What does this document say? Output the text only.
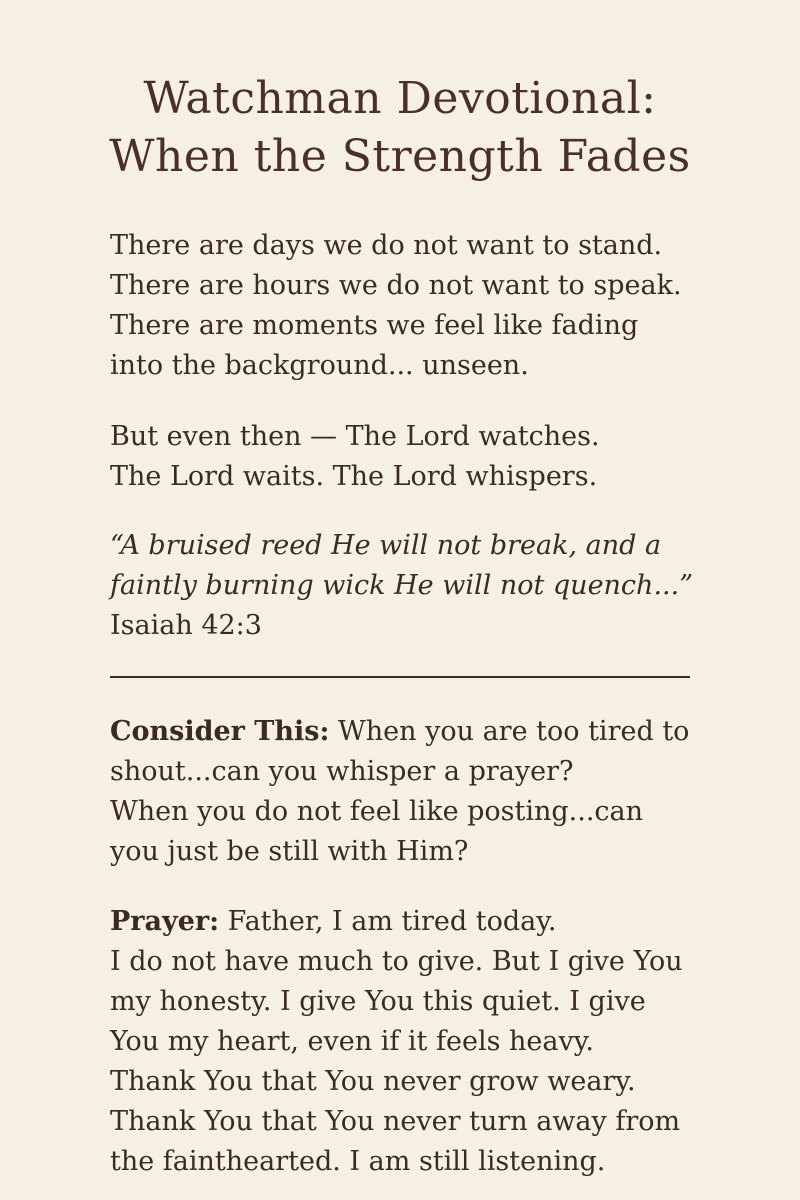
Watchman Devotional:
When the Strength Fades
There are days we do not want to stand.
There are hours we do not want to speak.
There are moments we feel like fading
into the background... unseen.
But even then — The Lord watches.
The Lord waits. The Lord whispers.
“A bruised reed He will not break, and a
faintly burning wick He will not quench...”
Isaiah 42:3
Consider This: When you are too tired to
shout...can you whisper a prayer?
When you do not feel like posting...can
you just be still with Him?
Prayer: Father, I am tired today.
I do not have much to give. But I give You
my honesty. I give You this quiet. I give
You my heart, even if it feels heavy.
Thank You that You never grow weary.
Thank You that You never turn away from
the fainthearted. I am still listening.
